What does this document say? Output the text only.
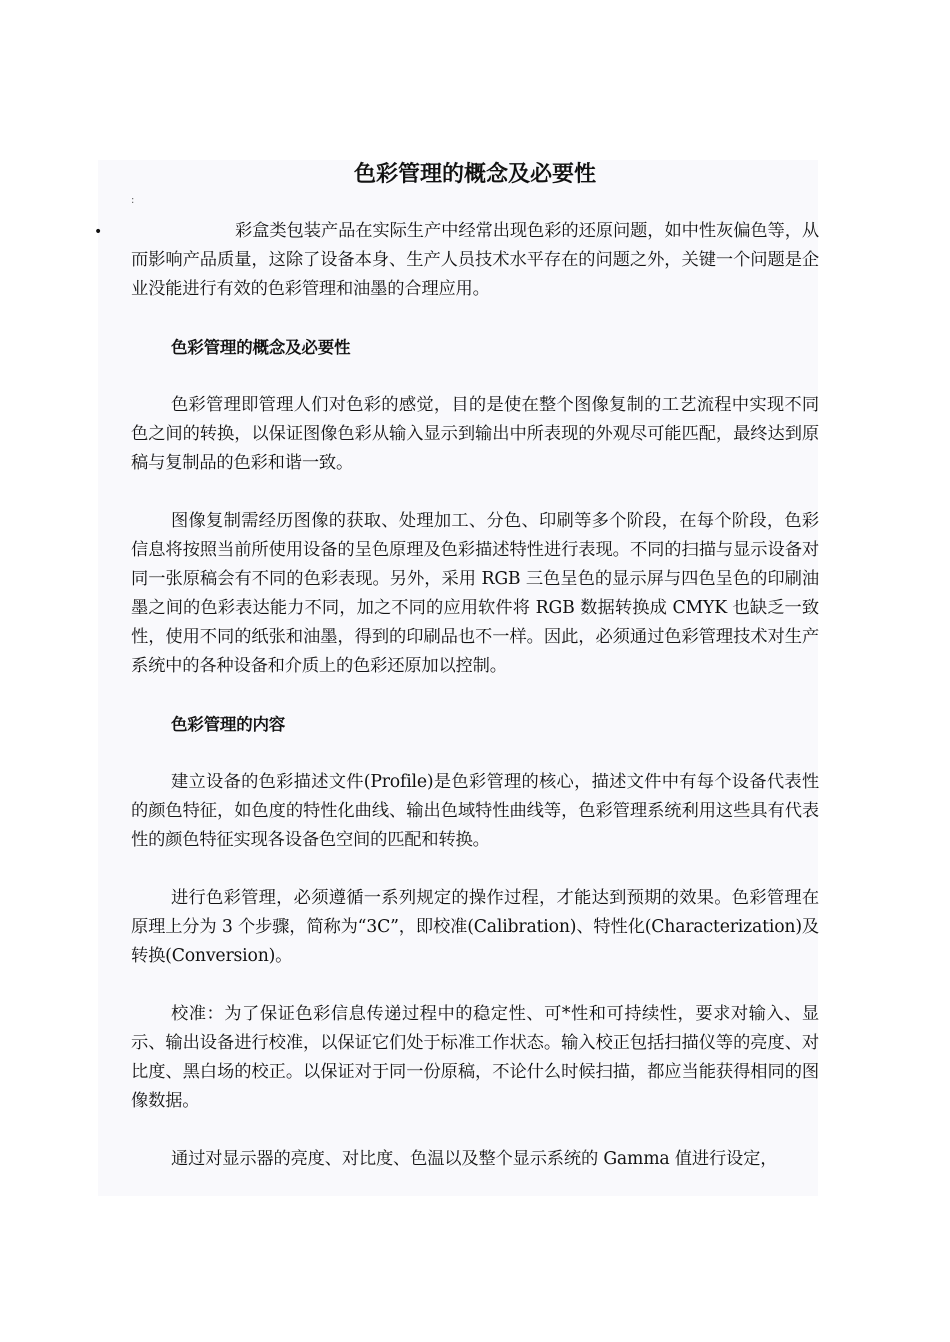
色彩管理的概念及必要性
:
•	彩盒类包装产品在实际生产中经常出现色彩的还原问题，如中性灰偏色等，从而影响产品质量，这除了设备本身、生产人员技术水平存在的问题之外，关键一个问题是企业没能进行有效的色彩管理和油墨的合理应用。

色彩管理的概念及必要性

色彩管理即管理人们对色彩的感觉，目的是使在整个图像复制的工艺流程中实现不同色之间的转换，以保证图像色彩从输入显示到输出中所表现的外观尽可能匹配，最终达到原稿与复制品的色彩和谐一致。

图像复制需经历图像的获取、处理加工、分色、印刷等多个阶段，在每个阶段，色彩信息将按照当前所使用设备的呈色原理及色彩描述特性进行表现。不同的扫描与显示设备对同一张原稿会有不同的色彩表现。另外，采用 RGB 三色呈色的显示屏与四色呈色的印刷油墨之间的色彩表达能力不同，加之不同的应用软件将 RGB 数据转换成 CMYK 也缺乏一致性，使用不同的纸张和油墨，得到的印刷品也不一样。因此，必须通过色彩管理技术对生产系统中的各种设备和介质上的色彩还原加以控制。

色彩管理的内容

建立设备的色彩描述文件(Profile)是色彩管理的核心，描述文件中有每个设备代表性的颜色特征，如色度的特性化曲线、输出色域特性曲线等，色彩管理系统利用这些具有代表性的颜色特征实现各设备色空间的匹配和转换。

进行色彩管理，必须遵循一系列规定的操作过程，才能达到预期的效果。色彩管理在原理上分为 3 个步骤，简称为“3C”，即校准(Calibration)、特性化(Characterization)及转换(Conversion)。

校准：为了保证色彩信息传递过程中的稳定性、可*性和可持续性，要求对输入、显示、输出设备进行校准，以保证它们处于标准工作状态。输入校正包括扫描仪等的亮度、对比度、黑白场的校正。以保证对于同一份原稿，不论什么时候扫描，都应当能获得相同的图像数据。

通过对显示器的亮度、对比度、色温以及整个显示系统的 Gamma 值进行设定，
